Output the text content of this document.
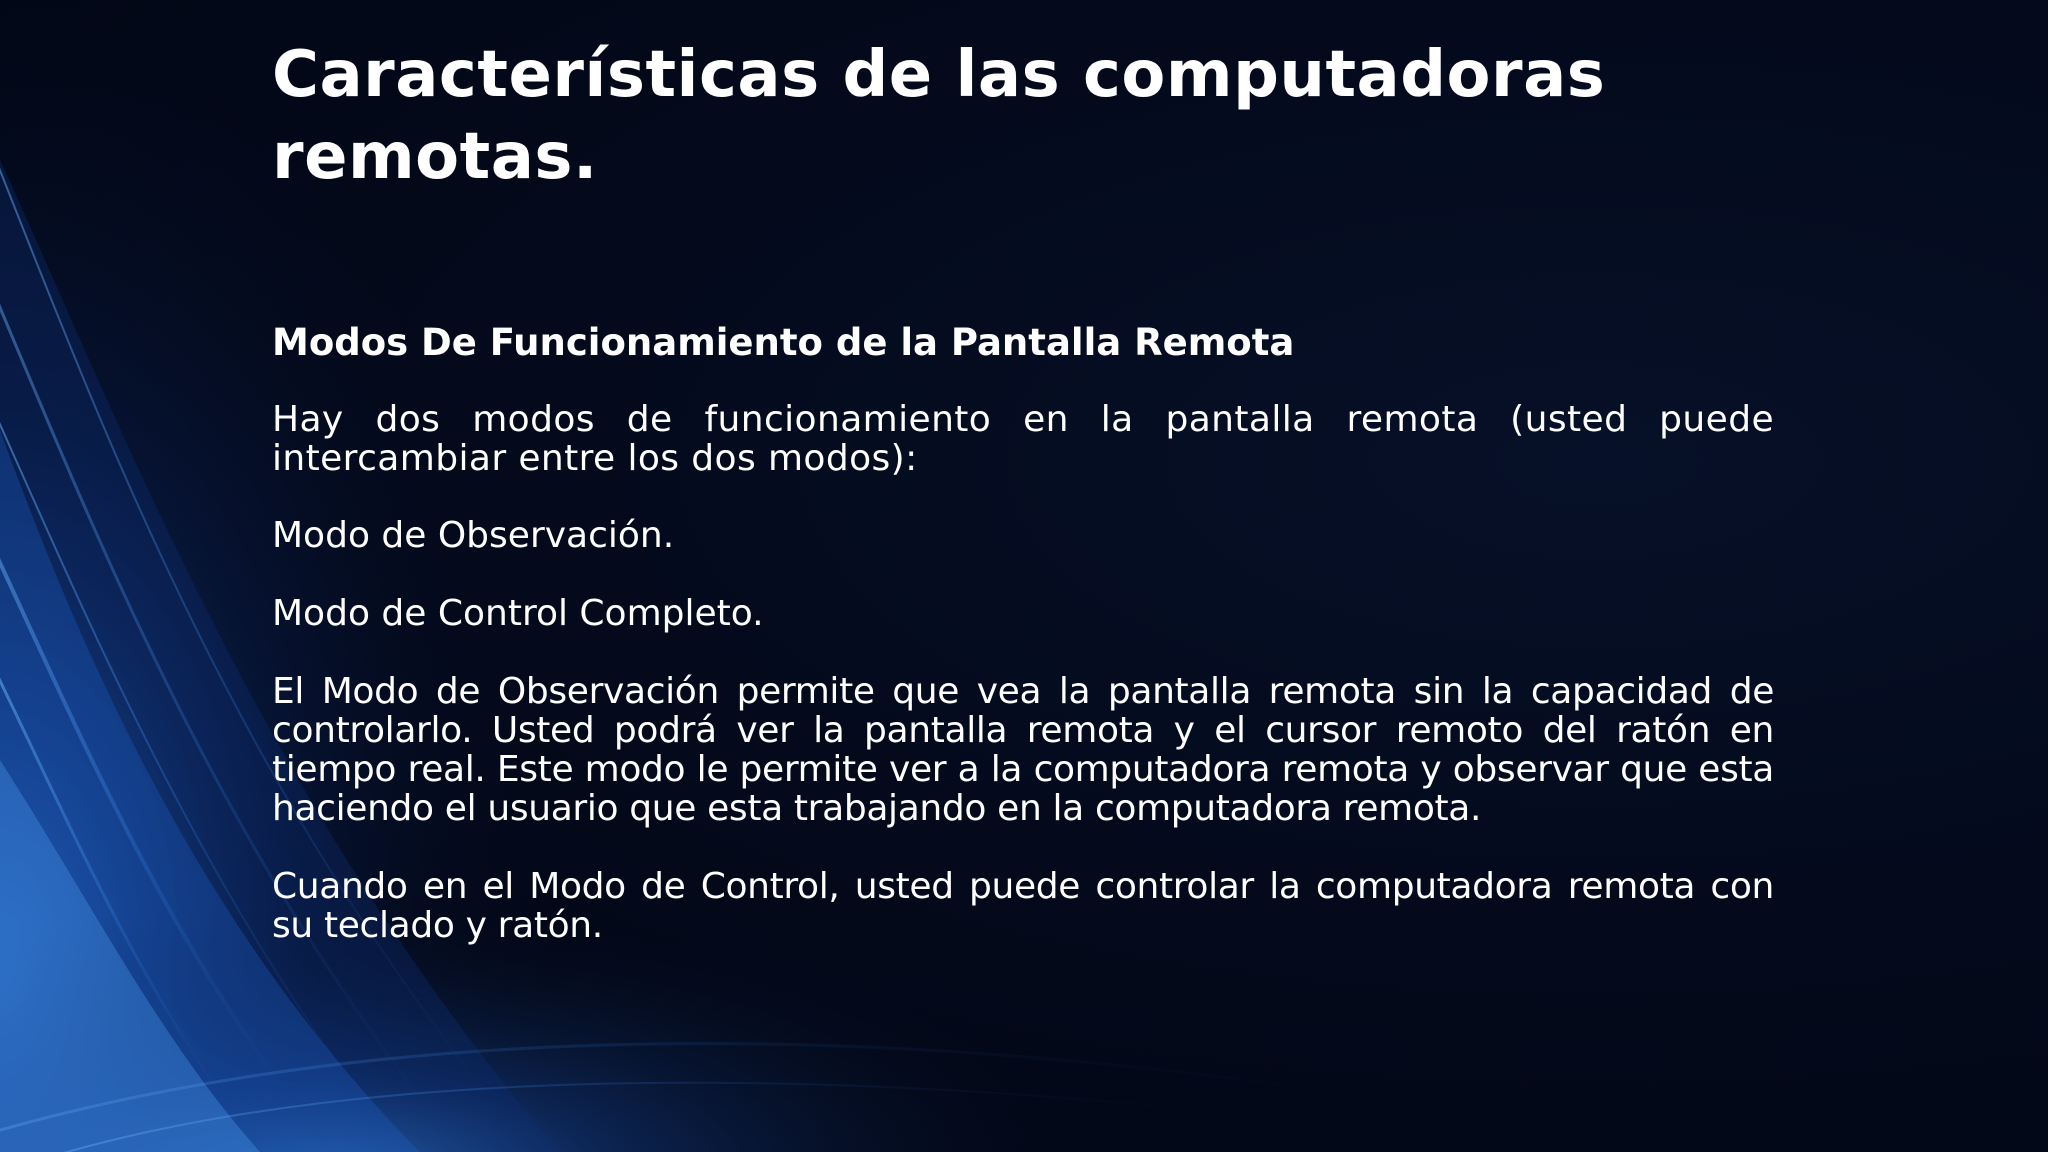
Características de las computadoras remotas.

Modos De Funcionamiento de la Pantalla Remota

Hay dos modos de funcionamiento en la pantalla remota (usted puede intercambiar entre los dos modos):

Modo de Observación.

Modo de Control Completo.

El Modo de Observación permite que vea la pantalla remota sin la capacidad de controlarlo. Usted podrá ver la pantalla remota y el cursor remoto del ratón en tiempo real. Este modo le permite ver a la computadora remota y observar que esta haciendo el usuario que esta trabajando en la computadora remota.

Cuando en el Modo de Control, usted puede controlar la computadora remota con su teclado y ratón.
